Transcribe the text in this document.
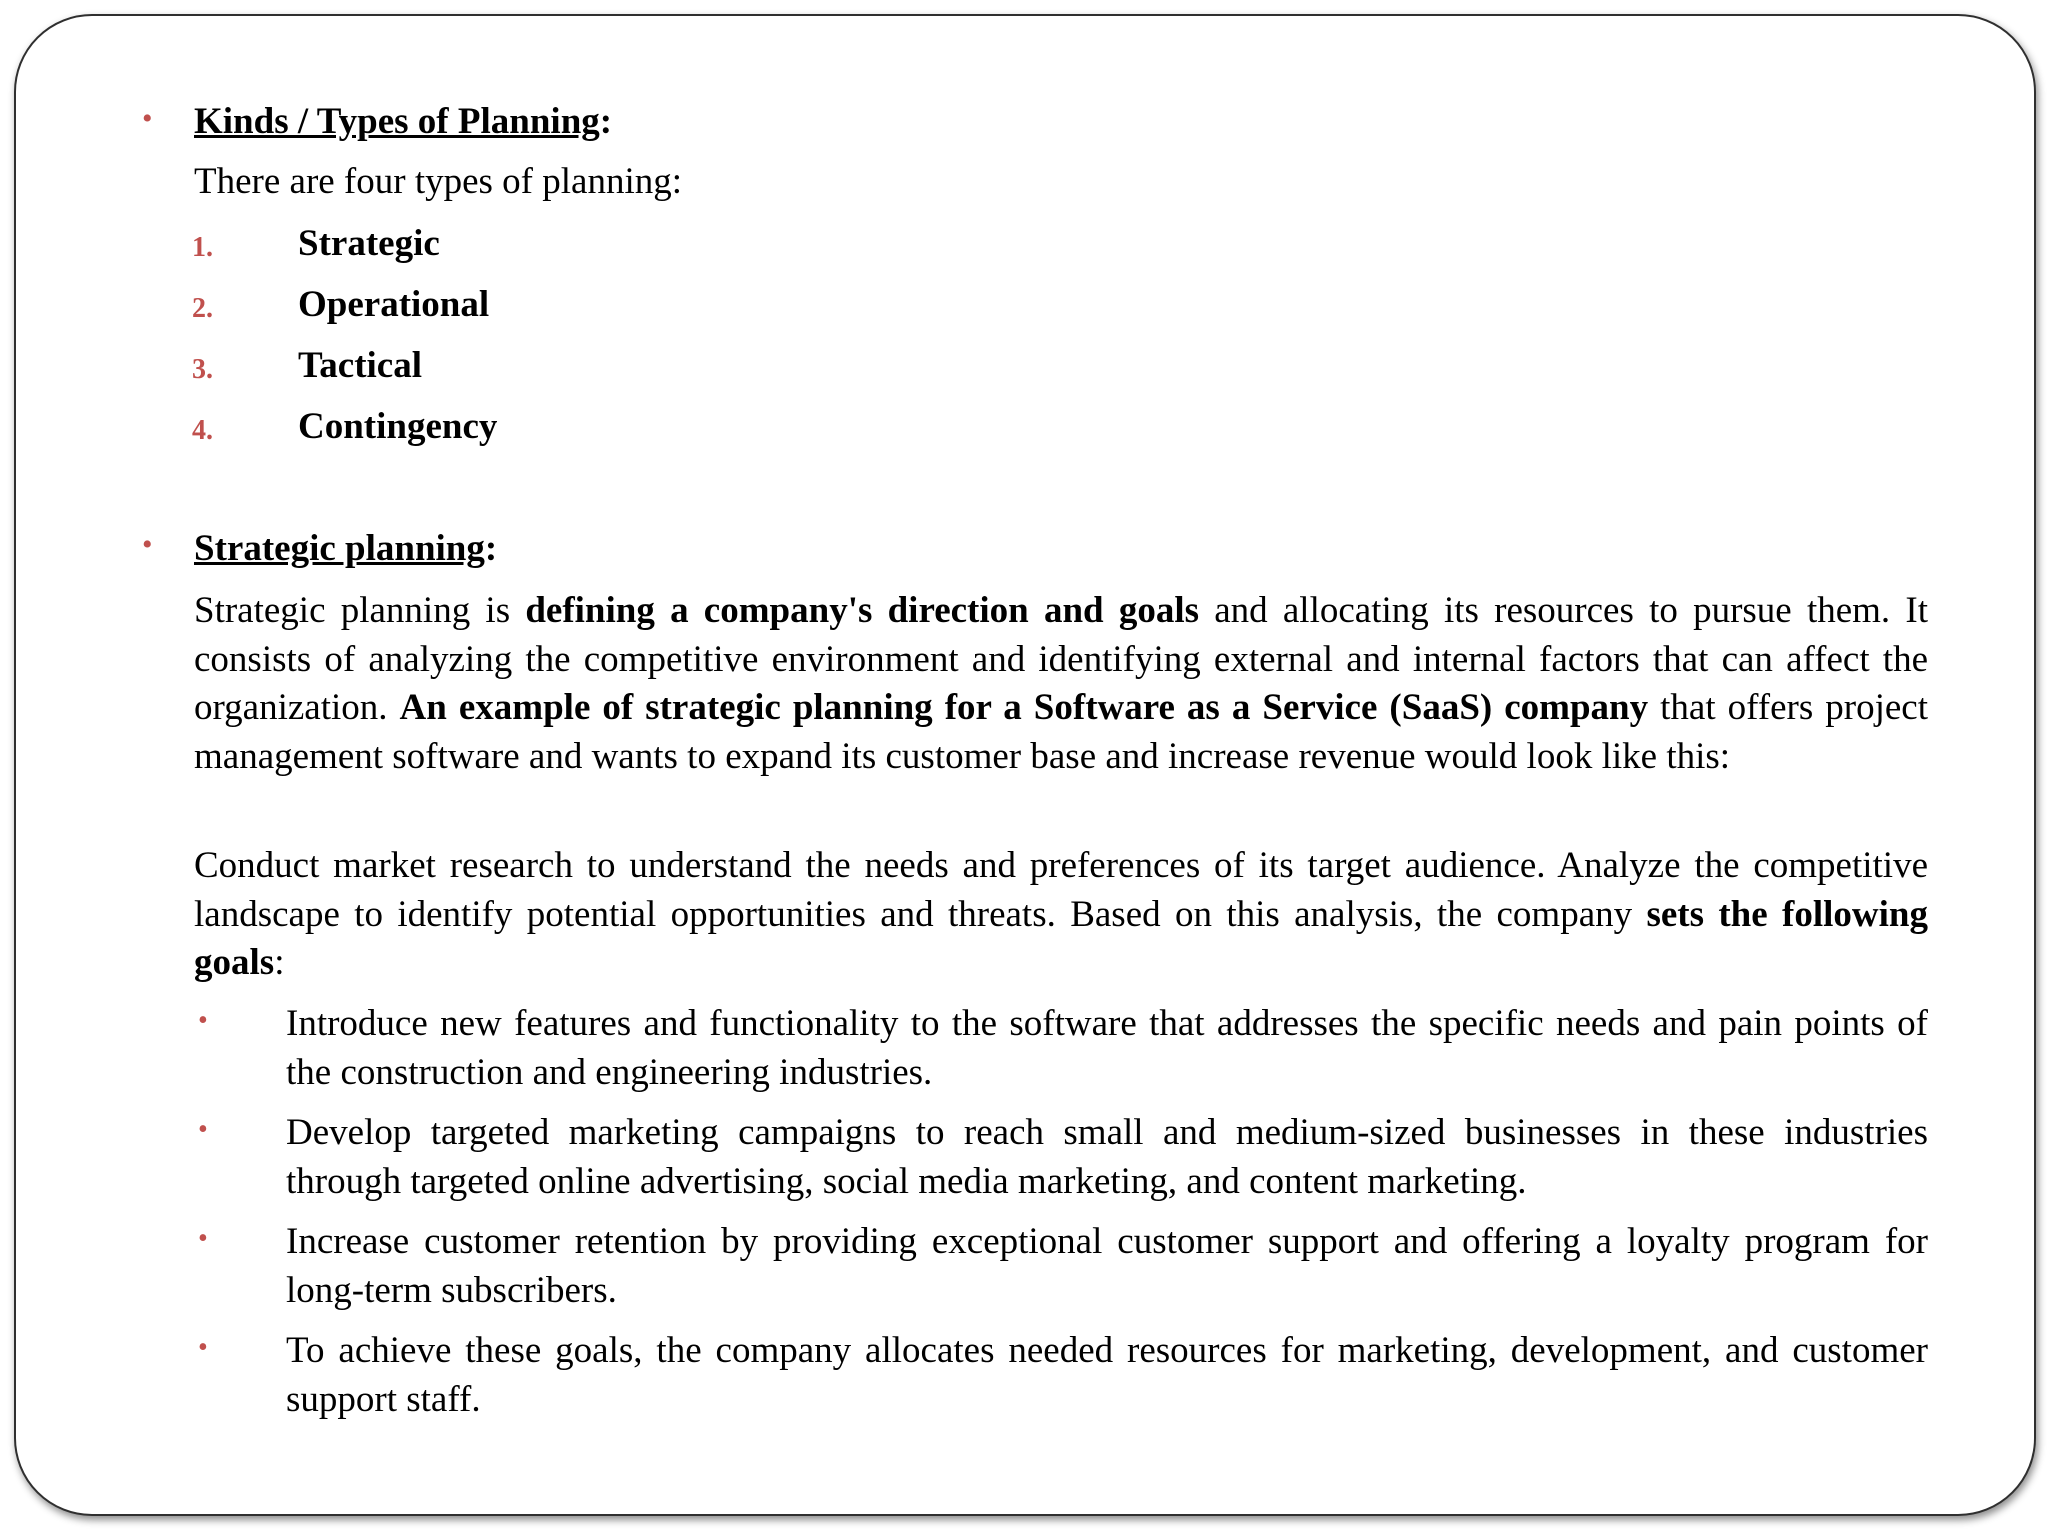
• Kinds / Types of Planning:
There are four types of planning:
1. Strategic
2. Operational
3. Tactical
4. Contingency
• Strategic planning:
Strategic planning is defining a company's direction and goals and allocating its resources to pursue them. It consists of analyzing the competitive environment and identifying external and internal factors that can affect the organization. An example of strategic planning for a Software as a Service (SaaS) company that offers project management software and wants to expand its customer base and increase revenue would look like this:
Conduct market research to understand the needs and preferences of its target audience. Analyze the competitive landscape to identify potential opportunities and threats. Based on this analysis, the company sets the following goals:
• Introduce new features and functionality to the software that addresses the specific needs and pain points of the construction and engineering industries.
• Develop targeted marketing campaigns to reach small and medium-sized businesses in these industries through targeted online advertising, social media marketing, and content marketing.
• Increase customer retention by providing exceptional customer support and offering a loyalty program for long-term subscribers.
• To achieve these goals, the company allocates needed resources for marketing, development, and customer support staff.
